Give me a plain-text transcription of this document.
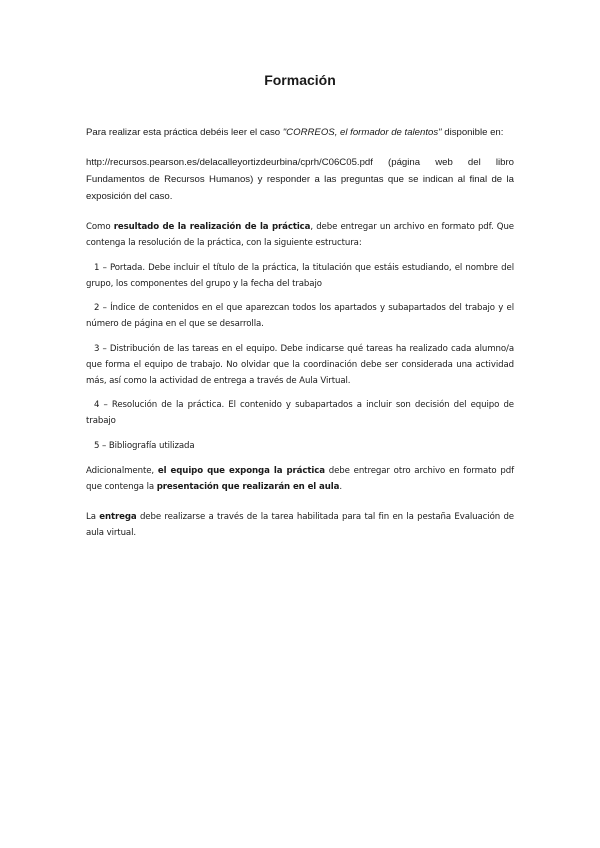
Formación

Para realizar esta práctica debéis leer el caso "CORREOS, el formador de talentos" disponible en:

http://recursos.pearson.es/delacalleyortizdeurbina/cprh/C06C05.pdf (página web del libro Fundamentos de Recursos Humanos) y responder a las preguntas que se indican al final de la exposición del caso.

Como resultado de la realización de la práctica, debe entregar un archivo en formato pdf. Que contenga la resolución de la práctica, con la siguiente estructura:

1 – Portada. Debe incluir el título de la práctica, la titulación que estáis estudiando, el nombre del grupo, los componentes del grupo y la fecha del trabajo

2 – Índice de contenidos en el que aparezcan todos los apartados y subapartados del trabajo y el número de página en el que se desarrolla.

3 – Distribución de las tareas en el equipo. Debe indicarse qué tareas ha realizado cada alumno/a que forma el equipo de trabajo. No olvidar que la coordinación debe ser considerada una actividad más, así como la actividad de entrega a través de Aula Virtual.

4 – Resolución de la práctica. El contenido y subapartados a incluir son decisión del equipo de trabajo

5 – Bibliografía utilizada

Adicionalmente, el equipo que exponga la práctica debe entregar otro archivo en formato pdf que contenga la presentación que realizarán en el aula.

La entrega debe realizarse a través de la tarea habilitada para tal fin en la pestaña Evaluación de aula virtual.
